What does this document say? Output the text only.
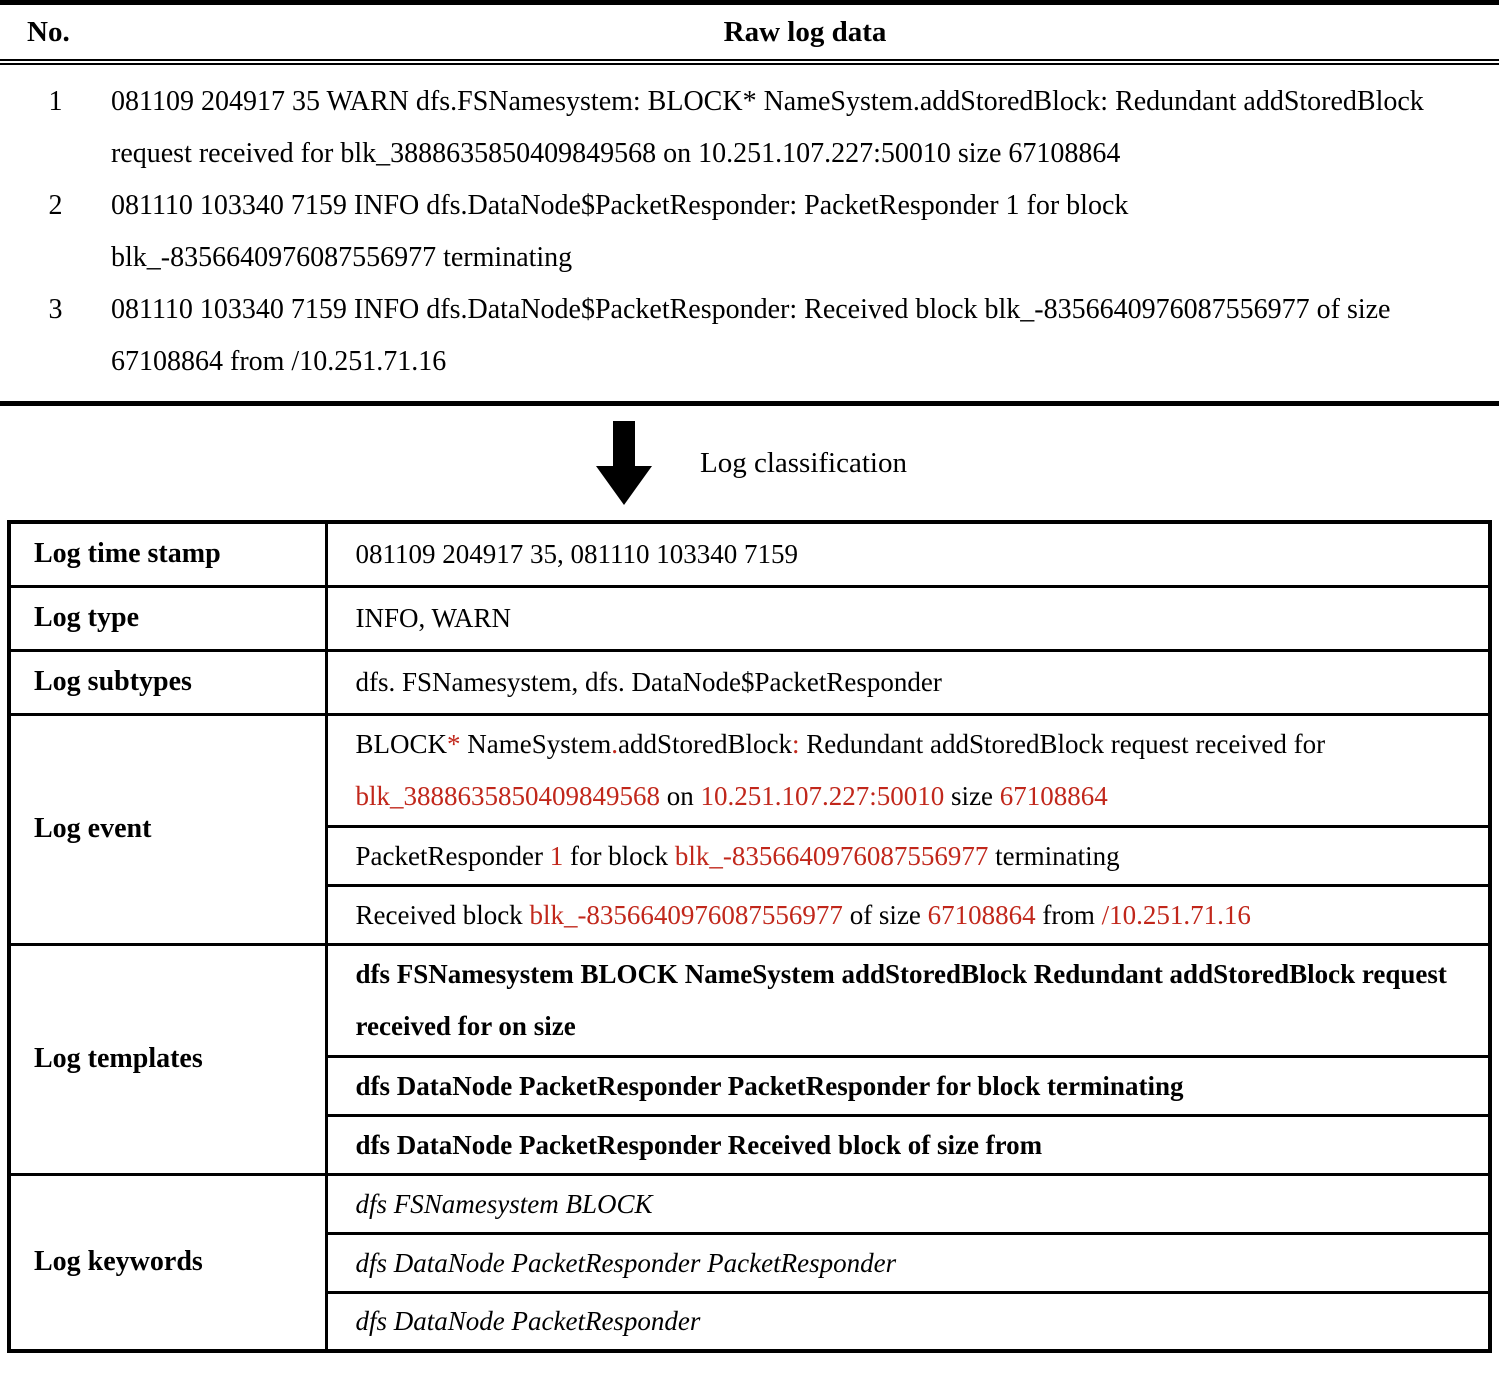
No.	Raw log data
1	081109 204917 35 WARN dfs.FSNamesystem: BLOCK* NameSystem.addStoredBlock: Redundant addStoredBlock request received for blk_3888635850409849568 on 10.251.107.227:50010 size 67108864
2	081110 103340 7159 INFO dfs.DataNode$PacketResponder: PacketResponder 1 for block blk_-8356640976087556977 terminating
3	081110 103340 7159 INFO dfs.DataNode$PacketResponder: Received block blk_-8356640976087556977 of size 67108864 from /10.251.71.16
Log classification
Log time stamp	081109 204917 35, 081110 103340 7159
Log type	INFO, WARN
Log subtypes	dfs. FSNamesystem, dfs. DataNode$PacketResponder
Log event	BLOCK* NameSystem.addStoredBlock: Redundant addStoredBlock request received for blk_3888635850409849568 on 10.251.107.227:50010 size 67108864
	PacketResponder 1 for block blk_-8356640976087556977 terminating
	Received block blk_-8356640976087556977 of size 67108864 from /10.251.71.16
Log templates	dfs FSNamesystem BLOCK NameSystem addStoredBlock Redundant addStoredBlock request received for on size
	dfs DataNode PacketResponder PacketResponder for block terminating
	dfs DataNode PacketResponder Received block of size from
Log keywords	dfs FSNamesystem BLOCK
	dfs DataNode PacketResponder PacketResponder
	dfs DataNode PacketResponder
